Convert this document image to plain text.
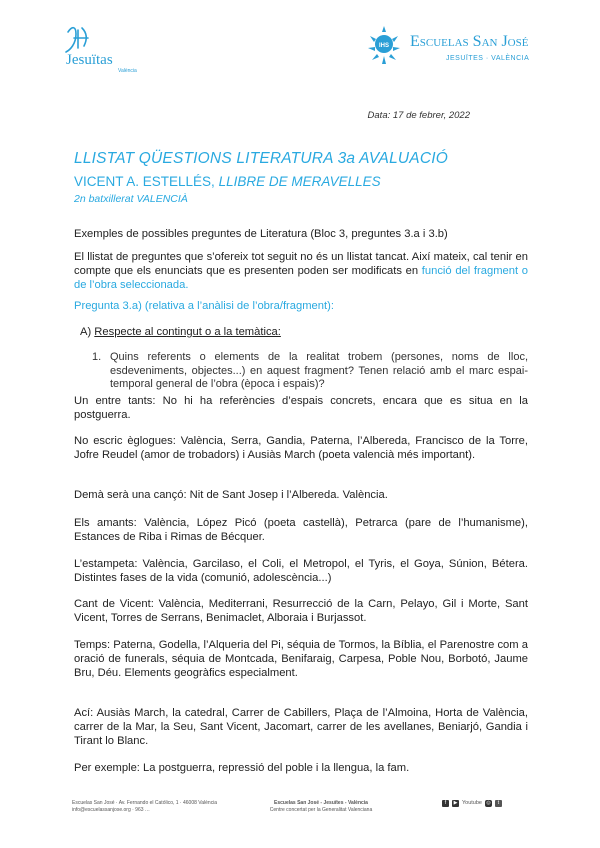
Jesuïtas
València
IHS Escuelas San José
JESUÏTES · VALÈNCIA
Data: 17 de febrer, 2022
LLISTAT QÜESTIONS LITERATURA 3a AVALUACIÓ
VICENT A. ESTELLÉS, LLIBRE DE MERAVELLES
2n batxillerat VALENCIÀ
Exemples de possibles preguntes de Literatura (Bloc 3, preguntes 3.a i 3.b)
El llistat de preguntes que s’ofereix tot seguit no és un llistat tancat. Així mateix, cal tenir en compte que els enunciats que es presenten poden ser modificats en funció del fragment o de l’obra seleccionada.
Pregunta 3.a) (relativa a l’anàlisi de l’obra/fragment):
A) Respecte al contingut o a la temàtica:
1. Quins referents o elements de la realitat trobem (persones, noms de lloc, esdeveniments, objectes...) en aquest fragment? Tenen relació amb el marc espai-temporal general de l’obra (època i espais)?
Un entre tants: No hi ha referències d’espais concrets, encara que es situa en la postguerra.
No escric èglogues: València, Serra, Gandia, Paterna, l’Albereda, Francisco de la Torre, Jofre Reudel (amor de trobadors) i Ausiàs March (poeta valencià més important).
Demà serà una cançó: Nit de Sant Josep i l’Albereda. València.
Els amants: València, López Picó (poeta castellà), Petrarca (pare de l’humanisme), Estances de Riba i Rimas de Bécquer.
L’estampeta: València, Garcilaso, el Coli, el Metropol, el Tyris, el Goya, Súnion, Bétera. Distintes fases de la vida (comunió, adolescència...)
Cant de Vicent: València, Mediterrani, Resurrecció de la Carn, Pelayo, Gil i Morte, Sant Vicent, Torres de Serrans, Benimaclet, Alboraia i Burjassot.
Temps: Paterna, Godella, l’Alqueria del Pi, séquia de Tormos, la Bíblia, el Parenostre com a oració de funerals, séquia de Montcada, Benifaraig, Carpesa, Poble Nou, Borbotó, Jaume Bru, Déu. Elements geogràfics especialment.
Ací: Ausiàs March, la catedral, Carrer de Cabillers, Plaça de l’Almoina, Horta de València, carrer de la Mar, la Seu, Sant Vicent, Jacomart, carrer de les avellanes, Beniarjó, Gandia i Tirant lo Blanc.
Per exemple: La postguerra, repressió del poble i la llengua, la fam.
Escuelas San José · Av. Fernando el Católico, 1 · 46008 València
info@escuelassanjose.org · 963 …
Escuelas San José - Jesuïtes - València
Centre concertat per la Generalitat Valenciana
f	▶ Youtube ◎	t
